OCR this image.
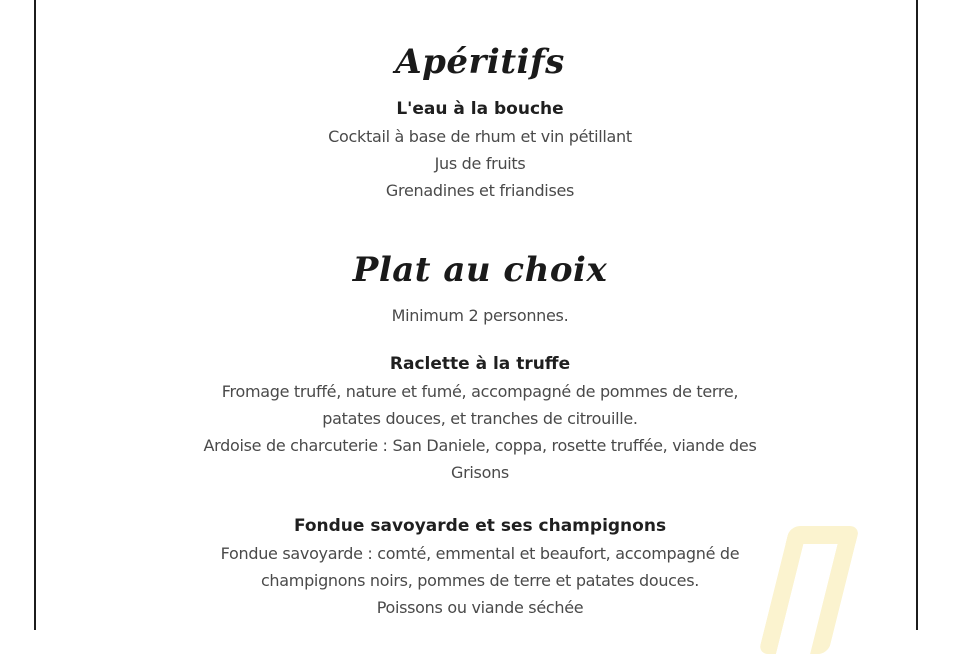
Apéritifs
L'eau à la bouche
Cocktail à base de rhum et vin pétillant
Jus de fruits
Grenadines et friandises
Plat au choix
Minimum 2 personnes.
Raclette à la truffe
Fromage truffé, nature et fumé, accompagné de pommes de terre,
patates douces, et tranches de citrouille.
Ardoise de charcuterie : San Daniele, coppa, rosette truffée, viande des
Grisons
Fondue savoyarde et ses champignons
Fondue savoyarde : comté, emmental et beaufort, accompagné de
champignons noirs, pommes de terre et patates douces.
Poissons ou viande séchée
